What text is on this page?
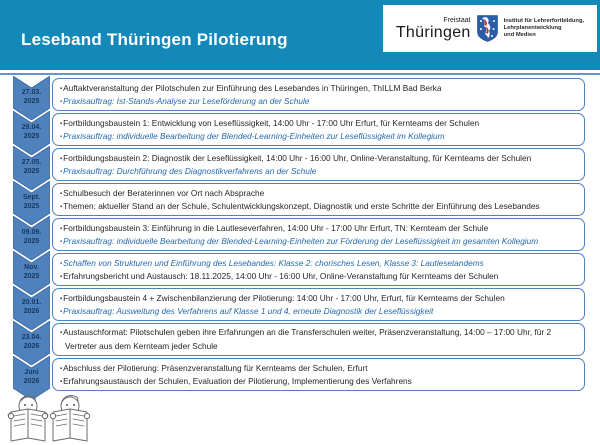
Leseband Thüringen Pilotierung
Freistaat
Thüringen
Institut für Lehrerfortbildung,
Lehrplanentwicklung
und Medien
27.03.
2025
▪Auftaktveranstaltung der Pilotschulen zur Einführung des Lesebandes in Thüringen, ThILLM Bad Berka
▪Praxisauftrag: Ist-Stands-Analyse zur Leseförderung an der Schule
29.04.
2025
▪Fortbildungsbaustein 1: Entwicklung von Leseflüssigkeit, 14:00 Uhr - 17:00 Uhr Erfurt, für Kernteams der Schulen
▪Praxisauftrag: individuelle Bearbeitung der Blended-Learning-Einheiten zur Leseflüssigkeit im Kollegium
27.05.
2025
▪Fortbildungsbaustein 2: Diagnostik der Leseflüssigkeit, 14:00 Uhr - 16:00 Uhr, Online-Veranstaltung, für Kernteams der Schulen
▪Praxisauftrag: Durchführung des Diagnostikverfahrens an der Schule
Sept.
2025
▪Schulbesuch der Beraterinnen vor Ort nach Absprache
▪Themen: aktueller Stand an der Schule, Schulentwicklungskonzept, Diagnostik und erste Schritte der Einführung des Lesebandes
09.09.
2025
▪Fortbildungsbaustein 3: Einführung in die Lautleseverfahren, 14:00 Uhr - 17:00 Uhr Erfurt, TN: Kernteam der Schule
▪Praxisauftrag: individuelle Bearbeitung der Blended-Learning-Einheiten zur Förderung der Leseflüssigkeit im gesamten Kollegium
Nov.
2025
▪Schaffen von Strukturen und Einführung des Lesebandes: Klasse 2: chorisches Lesen, Klasse 3: Lautlesetandems
▪Erfahrungsbericht und Austausch: 18.11.2025, 14:00 Uhr - 16:00 Uhr, Online-Veranstaltung für Kernteams der Schulen
20.01.
2026
▪Fortbildungsbaustein 4 + Zwischenbilanzierung der Pilotierung: 14:00 Uhr - 17:00 Uhr, Erfurt, für Kernteams der Schulen
▪Praxisauftrag: Ausweitung des Verfahrens auf Klasse 1 und 4, erneute Diagnostik der Leseflüssigkeit
23.04.
2026
▪Austauschformat: Pilotschulen geben ihre Erfahrungen an die Transferschulen weiter, Präsenzveranstaltung, 14:00 – 17:00 Uhr, für 2 Vertreter aus dem Kernteam jeder Schule
Juni
2026
▪Abschluss der Pilotierung: Präsenzveranstaltung für Kernteams der Schulen, Erfurt
▪Erfahrungsaustausch der Schulen, Evaluation der Pilotierung, Implementierung des Verfahrens
